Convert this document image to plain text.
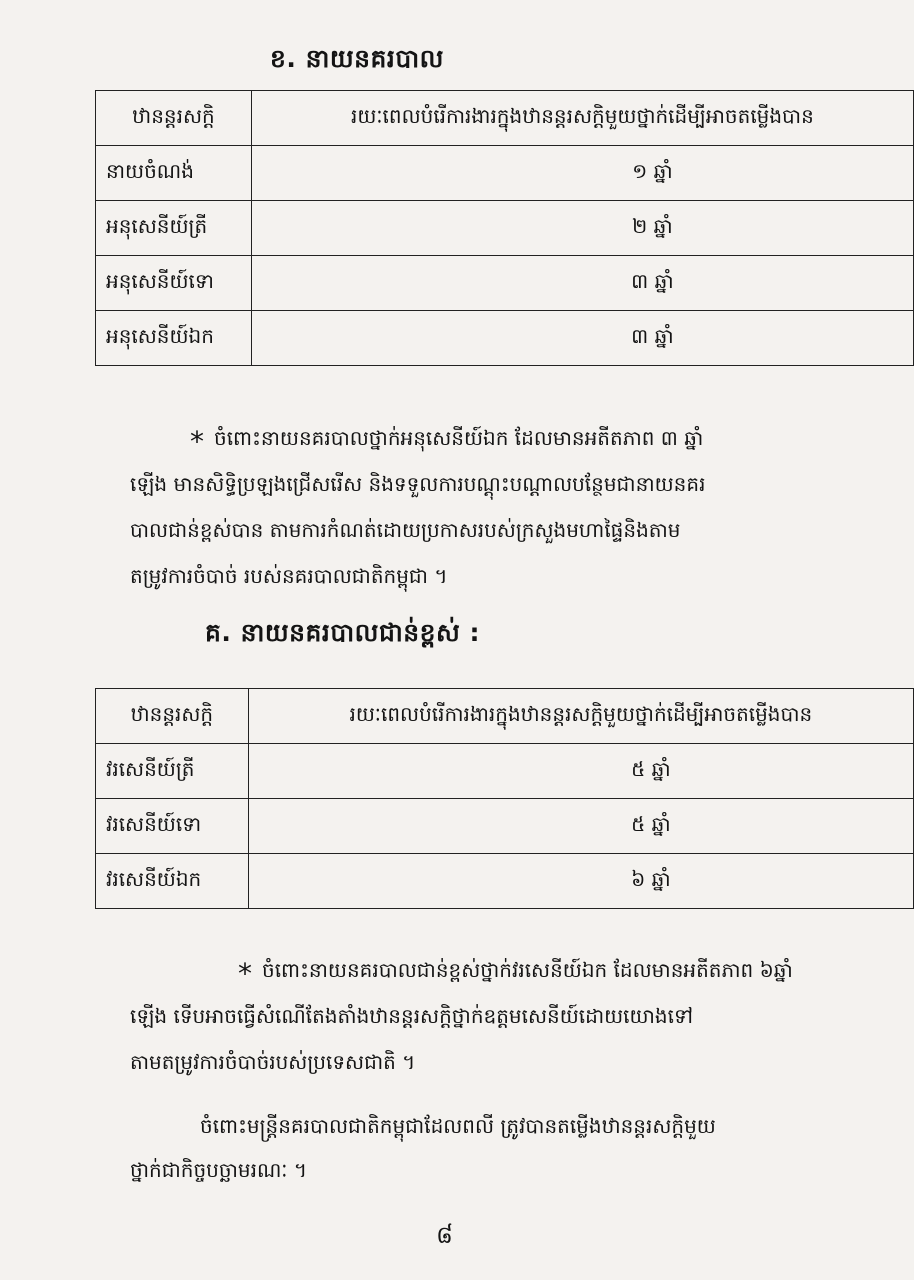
ខ. នាយនគរបាល
ឋានន្តរសក្តិ	រយៈពេលបំរើការងារក្នុងឋានន្តរសក្តិមួយថ្នាក់ដើម្បីអាចតម្លើងបាន
នាយចំណង់	១ ឆ្នាំ
អនុសេនីយ៍ត្រី	២ ឆ្នាំ
អនុសេនីយ៍ទោ	៣ ឆ្នាំ
អនុសេនីយ៍ឯក	៣ ឆ្នាំ
* ចំពោះនាយនគរបាលថ្នាក់អនុសេនីយ៍ឯក ដែលមានអតីតភាព ៣ ឆ្នាំ
ឡើង មានសិទ្ធិប្រឡងជ្រើសរើស និងទទួលការបណ្តុះបណ្តាលបន្ថែមជានាយនគរ
បាលជាន់ខ្ពស់បាន តាមការកំណត់ដោយប្រកាសរបស់ក្រសួងមហាផ្ទៃនិងតាម
តម្រូវការចំបាច់ របស់នគរបាលជាតិកម្ពុជា ។
គ. នាយនគរបាលជាន់ខ្ពស់ :
ឋានន្តរសក្តិ	រយៈពេលបំរើការងារក្នុងឋានន្តរសក្តិមួយថ្នាក់ដើម្បីអាចតម្លើងបាន
វរសេនីយ៍ត្រី	៥ ឆ្នាំ
វរសេនីយ៍ទោ	៥ ឆ្នាំ
វរសេនីយ៍ឯក	៦ ឆ្នាំ
* ចំពោះនាយនគរបាលជាន់ខ្ពស់ថ្នាក់វរសេនីយ៍ឯក ដែលមានអតីតភាព ៦ឆ្នាំ
ឡើង ទើបអាចធ្វើសំណើតែងតាំងឋានន្តរសក្តិថ្នាក់ឧត្តមសេនីយ៍ដោយយោងទៅ
តាមតម្រូវការចំបាច់របស់ប្រទេសជាតិ ។
ចំពោះមន្ត្រីនគរបាលជាតិកម្ពុជាដែលពលី ត្រូវបានតម្លើងឋានន្តរសក្តិមួយ
ថ្នាក់ជាកិច្ចបច្ឆាមរណៈ ។
៨
